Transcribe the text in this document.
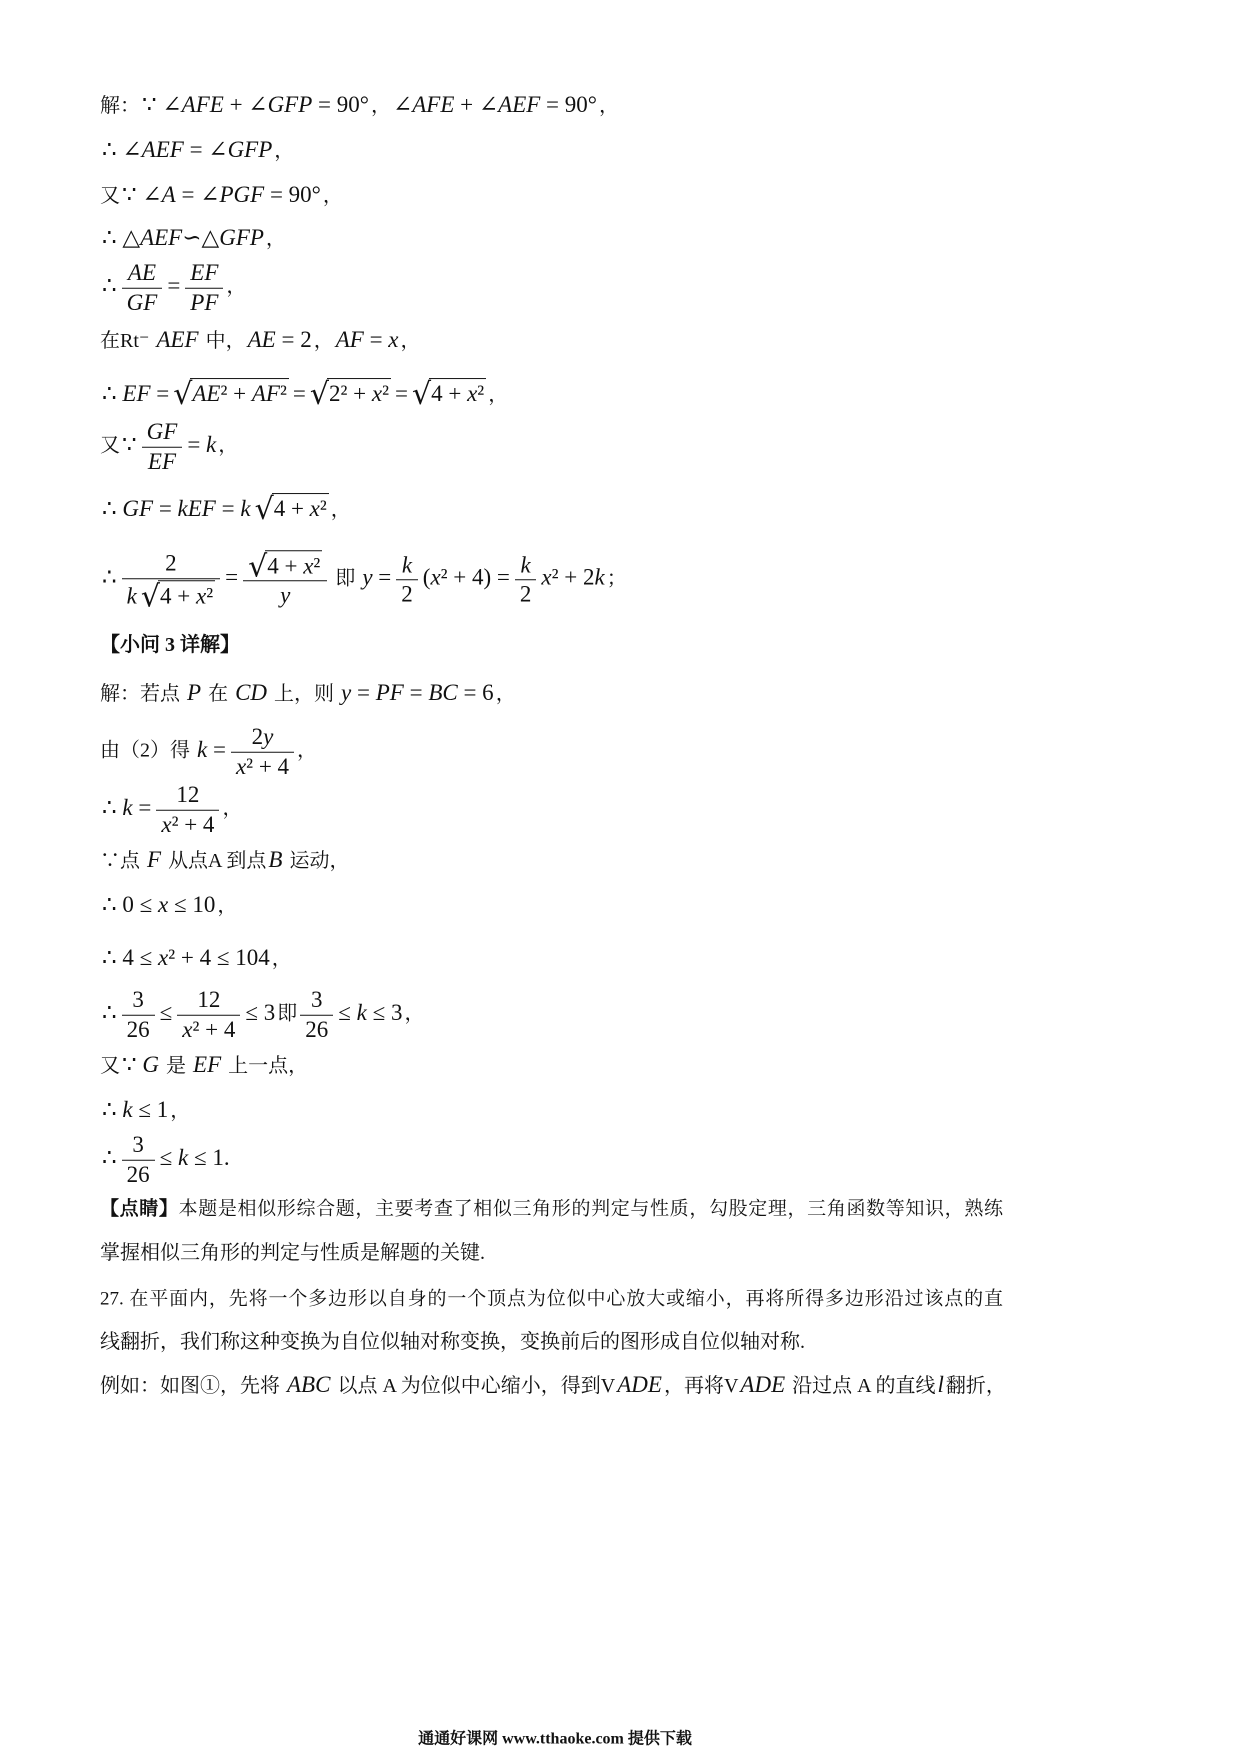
解：∵ ∠AFE + ∠GFP = 90° ，∠AFE + ∠AEF = 90° ，
∴ ∠AEF = ∠GFP ，
又∵ ∠A = ∠PGF = 90° ，
∴ △AEF∽△GFP ，
∴ $\frac{AE}{GF} = \frac{EF}{PF}$ ，
在Rt⁻ AEF 中，AE = 2 ，AF = x ，
∴ EF = √AE² + AF² = √2² + x² = √4 + x² ，
又∵ $\frac{GF}{EF} = k$ ，
∴ GF = kEF = k √4 + x² ，
∴ $\frac{2}{\text{k √4 + x²}} = \frac{\text{√4 + x²}}{y}$ 即 $y = \frac{k}{2} (x^2 + 4) = \frac{k}{2} x^2 + 2k$ ；
【小问 3 详解】
解：若点 P 在 CD 上，则 y = PF = BC = 6 ，
由（2）得 $k = \frac{2y}{\text{x² + 4}}$ ，
∴ $k = \frac{12}{\text{x² + 4}}$ ，
∵点 F 从点A 到点B 运动，
∴ 0 ≤ x ≤ 10 ，
∴ 4 ≤ x² + 4 ≤ 104 ，
∴ $\frac{3}{26} \le \frac{12}{\text{x² + 4}} \le 3$ 即 $\frac{3}{26} \le k \le 3$ ，
又∵ G 是 EF 上一点，
∴ k ≤ 1 ，
∴ $\frac{3}{26} \le k \le 1$.
【点睛】本题是相似形综合题，主要考查了相似三角形的判定与性质，勾股定理，三角函数等知识，熟练
掌握相似三角形的判定与性质是解题的关键.
27. 在平面内，先将一个多边形以自身的一个顶点为位似中心放大或缩小，再将所得多边形沿过该点的直
线翻折，我们称这种变换为自位似轴对称变换，变换前后的图形成自位似轴对称.
例如：如图①，先将 ABC 以点 A 为位似中心缩小，得到VADE ，再将VADE 沿过点 A 的直线l 翻折，
通通好课网 www.tthaoke.com 提供下载
